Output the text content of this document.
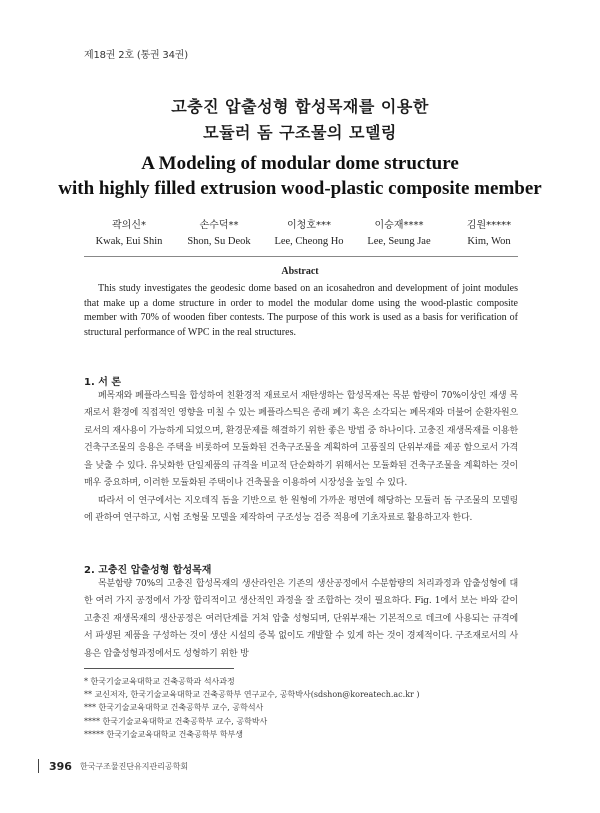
제18권 2호 (통권 34권)
고충진 압출성형 합성목재를 이용한
모듈러 돔 구조물의 모델링
A Modeling of modular dome structure
with highly filled extrusion wood-plastic composite member
곽의신*	손수덕**	이청호***	이승재****	김원*****
Kwak, Eui Shin	Shon, Su Deok	Lee, Cheong Ho	Lee, Seung Jae	Kim, Won
Abstract
This study investigates the geodesic dome based on an icosahedron and development of joint modules that make up a dome structure in order to model the modular dome using the wood-plastic composite member with 70% of wooden fiber contests. The purpose of this work is used as a basis for verification of structural performance of WPC in the real structures.
1. 서 론
폐목재와 폐플라스틱을 합성하여 친환경적 재료로서 재탄생하는 합성목재는 목분 함량이 70%이상인 재생 목재로서 환경에 직접적인 영향을 미칠 수 있는 폐플라스틱은 종래 폐기 혹은 소각되는 폐목재와 더불어 순환자원으로서의 재사용이 가능하게 되었으며, 환경문제를 해결하기 위한 좋은 방법 중 하나이다. 고충진 재생목재를 이용한 건축구조물의 응용은 주택을 비롯하여 모듈화된 건축구조물을 계획하여 고품질의 단위부재를 제공 함으로서 가격을 낮출 수 있다. 유닛화한 단일제품의 규격을 비교적 단순화하기 위해서는 모듈화된 건축구조물을 계획하는 것이 매우 중요하며, 이러한 모듈화된 주택이나 건축물을 이용하여 시장성을 높일 수 있다.
따라서 이 연구에서는 지오데직 돔을 기반으로 한 원형에 가까운 평면에 해당하는 모듈러 돔 구조물의 모델링에 관하여 연구하고, 시험 조형물 모델을 제작하여 구조성능 검증 적용에 기초자료로 활용하고자 한다.
2. 고충진 압출성형 합성목재
목분함량 70%의 고충진 합성목재의 생산라인은 기존의 생산공정에서 수분함량의 처리과정과 압출성형에 대한 여러 가지 공정에서 가장 합리적이고 생산적인 과정을 잘 조합하는 것이 필요하다. Fig. 1에서 보는 바와 같이 고충진 재생목재의 생산공정은 여러단계를 거쳐 압출 성형되며, 단위부재는 기본적으로 데크에 사용되는 규격에서 파생된 제품을 구성하는 것이 생산 시설의 증복 없이도 개발할 수 있게 하는 것이 경제적이다. 구조재로서의 사용은 압출성형과정에서도 성형하기 위한 방
* 한국기술교육대학교 건축공학과 석사과정
** 교신저자, 한국기술교육대학교 건축공학부 연구교수, 공학박사(sdshon@koreatech.ac.kr )
*** 한국기술교육대학교 건축공학부 교수, 공학석사
**** 한국기술교육대학교 건축공학부 교수, 공학박사
***** 한국기술교육대학교 건축공학부 학부생
396 한국구조물진단유지관리공학회
